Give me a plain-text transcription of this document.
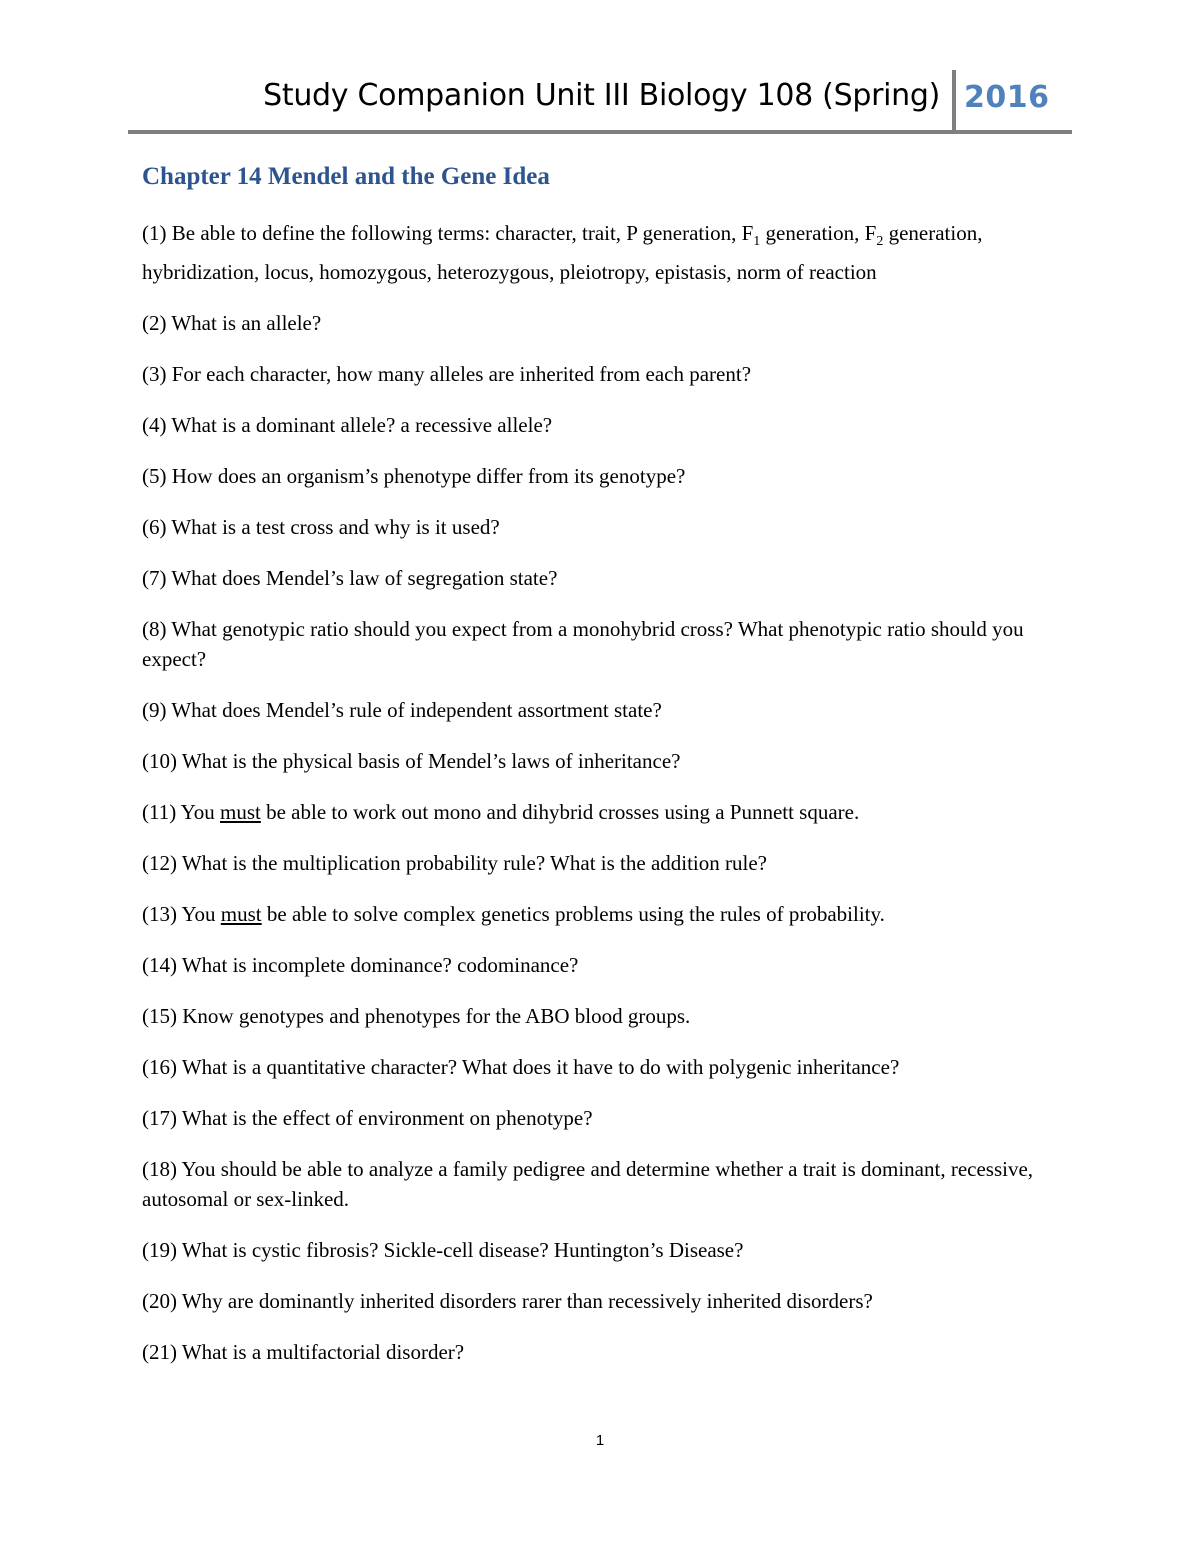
Study Companion Unit III Biology 108 (Spring) 2016
Chapter 14 Mendel and the Gene Idea
(1) Be able to define the following terms: character, trait, P generation, $F_1$ generation, $F_2$ generation, hybridization, locus, homozygous, heterozygous, pleiotropy, epistasis, norm of reaction
(2) What is an allele?
(3) For each character, how many alleles are inherited from each parent?
(4) What is a dominant allele? a recessive allele?
(5) How does an organism’s phenotype differ from its genotype?
(6) What is a test cross and why is it used?
(7) What does Mendel’s law of segregation state?
(8) What genotypic ratio should you expect from a monohybrid cross? What phenotypic ratio should you expect?
(9) What does Mendel’s rule of independent assortment state?
(10) What is the physical basis of Mendel’s laws of inheritance?
(11) You must be able to work out mono and dihybrid crosses using a Punnett square.
(12) What is the multiplication probability rule? What is the addition rule?
(13) You must be able to solve complex genetics problems using the rules of probability.
(14) What is incomplete dominance? codominance?
(15) Know genotypes and phenotypes for the ABO blood groups.
(16) What is a quantitative character? What does it have to do with polygenic inheritance?
(17) What is the effect of environment on phenotype?
(18) You should be able to analyze a family pedigree and determine whether a trait is dominant, recessive, autosomal or sex-linked.
(19) What is cystic fibrosis? Sickle-cell disease? Huntington’s Disease?
(20) Why are dominantly inherited disorders rarer than recessively inherited disorders?
(21) What is a multifactorial disorder?
1
